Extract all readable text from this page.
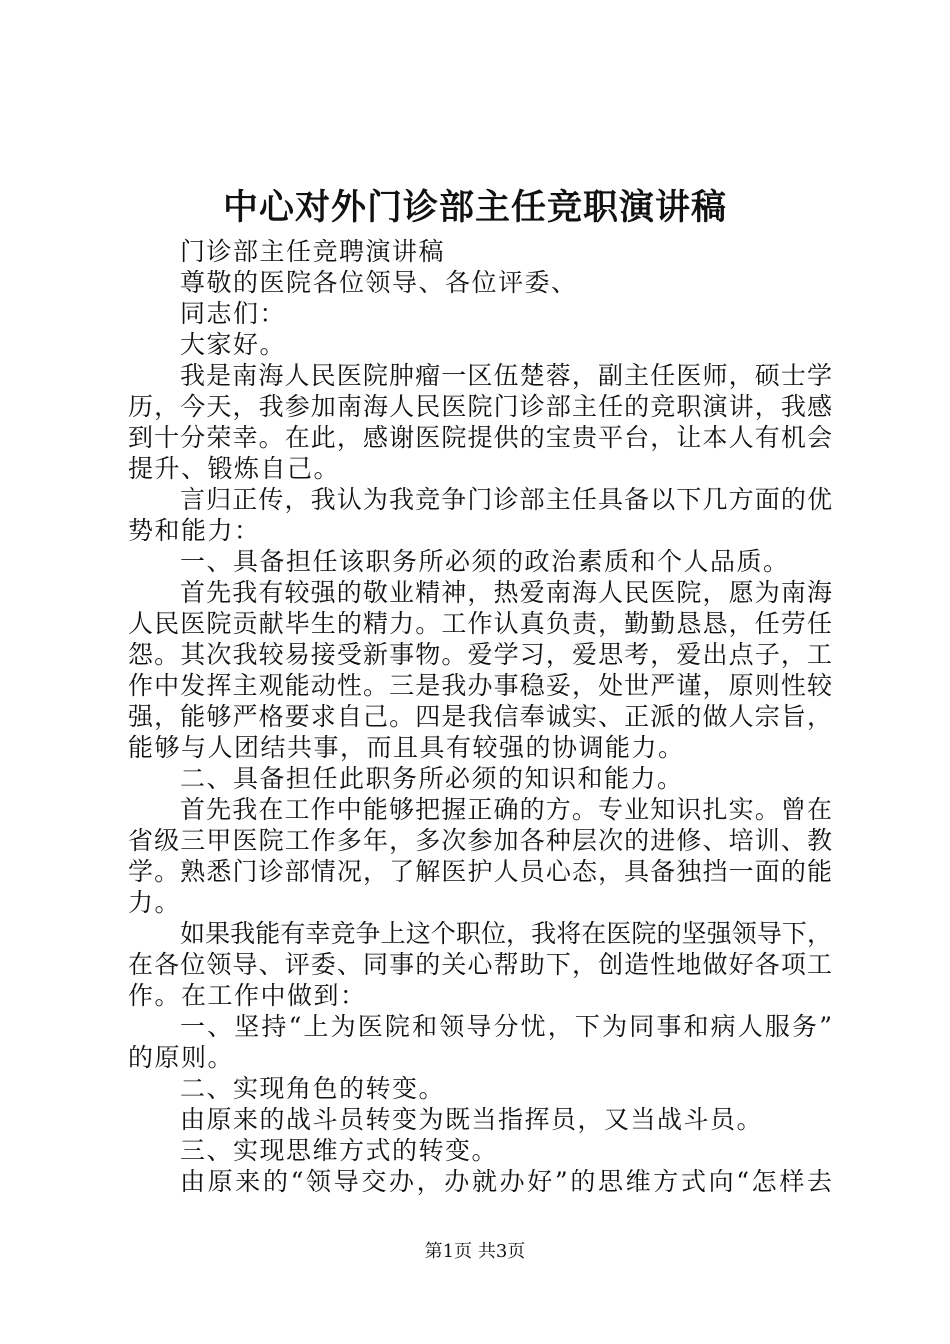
中心对外门诊部主任竞职演讲稿
门诊部主任竞聘演讲稿
尊敬的医院各位领导、各位评委、
同志们：
大家好。
我是南海人民医院肿瘤一区伍楚蓉，副主任医师，硕士学
历，今天，我参加南海人民医院门诊部主任的竞职演讲，我感
到十分荣幸。在此，感谢医院提供的宝贵平台，让本人有机会
提升、锻炼自己。
言归正传，我认为我竞争门诊部主任具备以下几方面的优
势和能力：
一、具备担任该职务所必须的政治素质和个人品质。
首先我有较强的敬业精神，热爱南海人民医院，愿为南海
人民医院贡献毕生的精力。工作认真负责，勤勤恳恳，任劳任
怨。其次我较易接受新事物。爱学习，爱思考，爱出点子，工
作中发挥主观能动性。三是我办事稳妥，处世严谨，原则性较
强，能够严格要求自己。四是我信奉诚实、正派的做人宗旨，
能够与人团结共事，而且具有较强的协调能力。
二、具备担任此职务所必须的知识和能力。
首先我在工作中能够把握正确的方。专业知识扎实。曾在
省级三甲医院工作多年，多次参加各种层次的进修、培训、教
学。熟悉门诊部情况，了解医护人员心态，具备独挡一面的能
力。
如果我能有幸竞争上这个职位，我将在医院的坚强领导下，
在各位领导、评委、同事的关心帮助下，创造性地做好各项工
作。在工作中做到：
一、坚持“上为医院和领导分忧，下为同事和病人服务”
的原则。
二、实现角色的转变。
由原来的战斗员转变为既当指挥员，又当战斗员。
三、实现思维方式的转变。
由原来的“领导交办，办就办好”的思维方式向“怎样去
第1页 共3页
